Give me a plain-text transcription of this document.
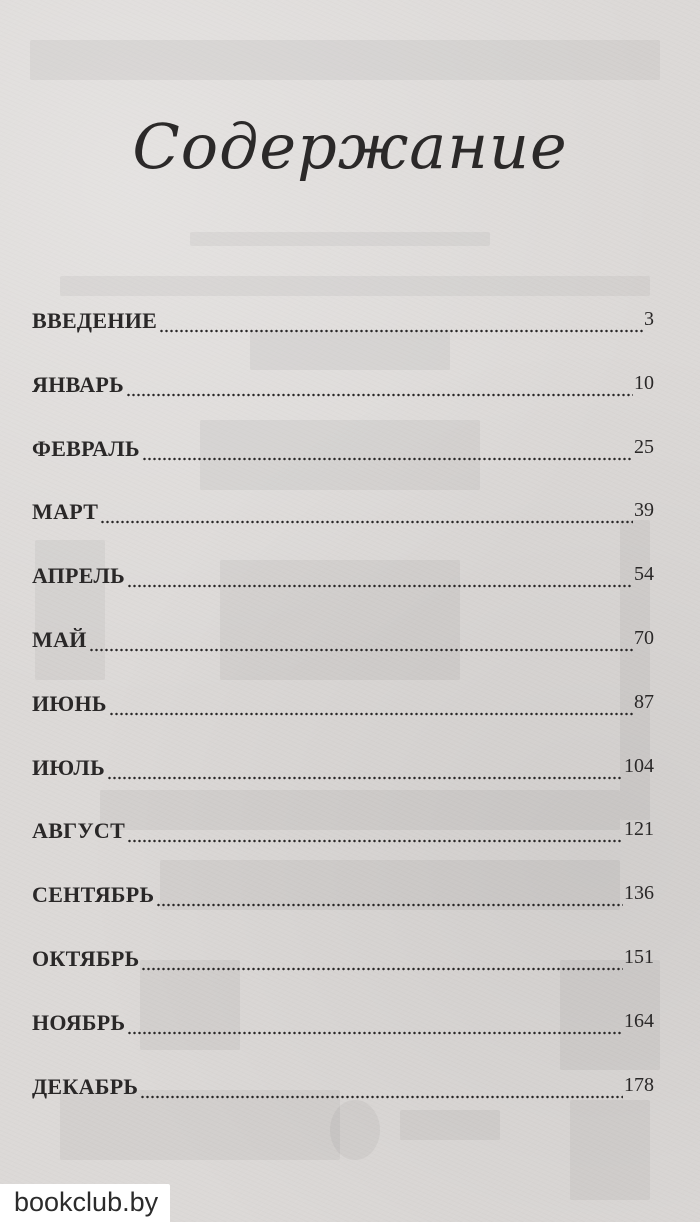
Содержание
ВВЕДЕНИЕ	3
ЯНВАРЬ	10
ФЕВРАЛЬ	25
МАРТ	39
АПРЕЛЬ	54
МАЙ	70
ИЮНЬ	87
ИЮЛЬ	104
АВГУСТ	121
СЕНТЯБРЬ	136
ОКТЯБРЬ	151
НОЯБРЬ	164
ДЕКАБРЬ	178
bookclub.by
